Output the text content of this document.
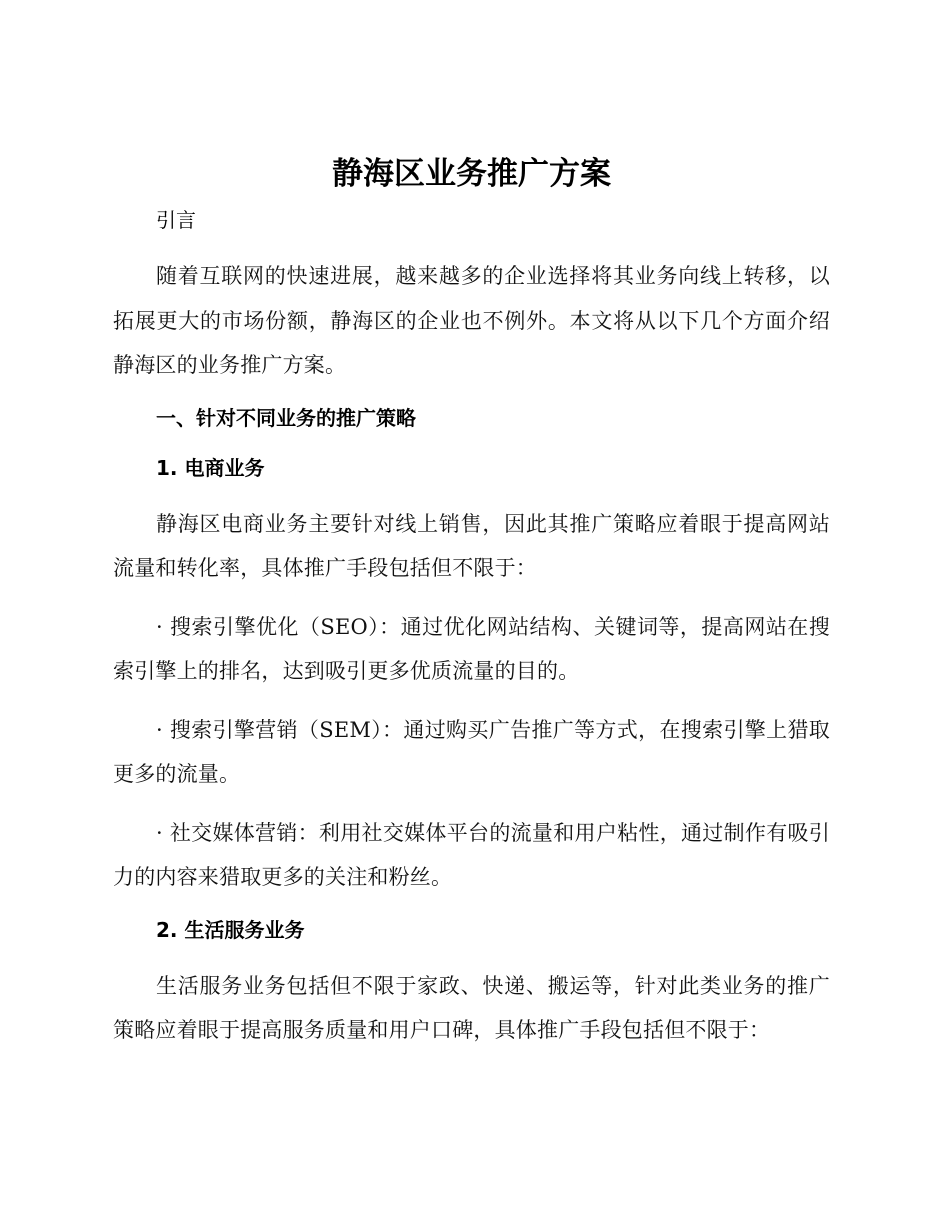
静海区业务推广方案
引言

随着互联网的快速进展，越来越多的企业选择将其业务向线上转移，以拓展更大的市场份额，静海区的企业也不例外。本文将从以下几个方面介绍静海区的业务推广方案。

一、针对不同业务的推广策略
1. 电商业务

静海区电商业务主要针对线上销售，因此其推广策略应着眼于提高网站流量和转化率，具体推广手段包括但不限于：

· 搜索引擎优化（SEO）：通过优化网站结构、关键词等，提高网站在搜索引擎上的排名，达到吸引更多优质流量的目的。

· 搜索引擎营销（SEM）：通过购买广告推广等方式，在搜索引擎上猎取更多的流量。

· 社交媒体营销：利用社交媒体平台的流量和用户粘性，通过制作有吸引力的内容来猎取更多的关注和粉丝。

2. 生活服务业务

生活服务业务包括但不限于家政、快递、搬运等，针对此类业务的推广策略应着眼于提高服务质量和用户口碑，具体推广手段包括但不限于：
